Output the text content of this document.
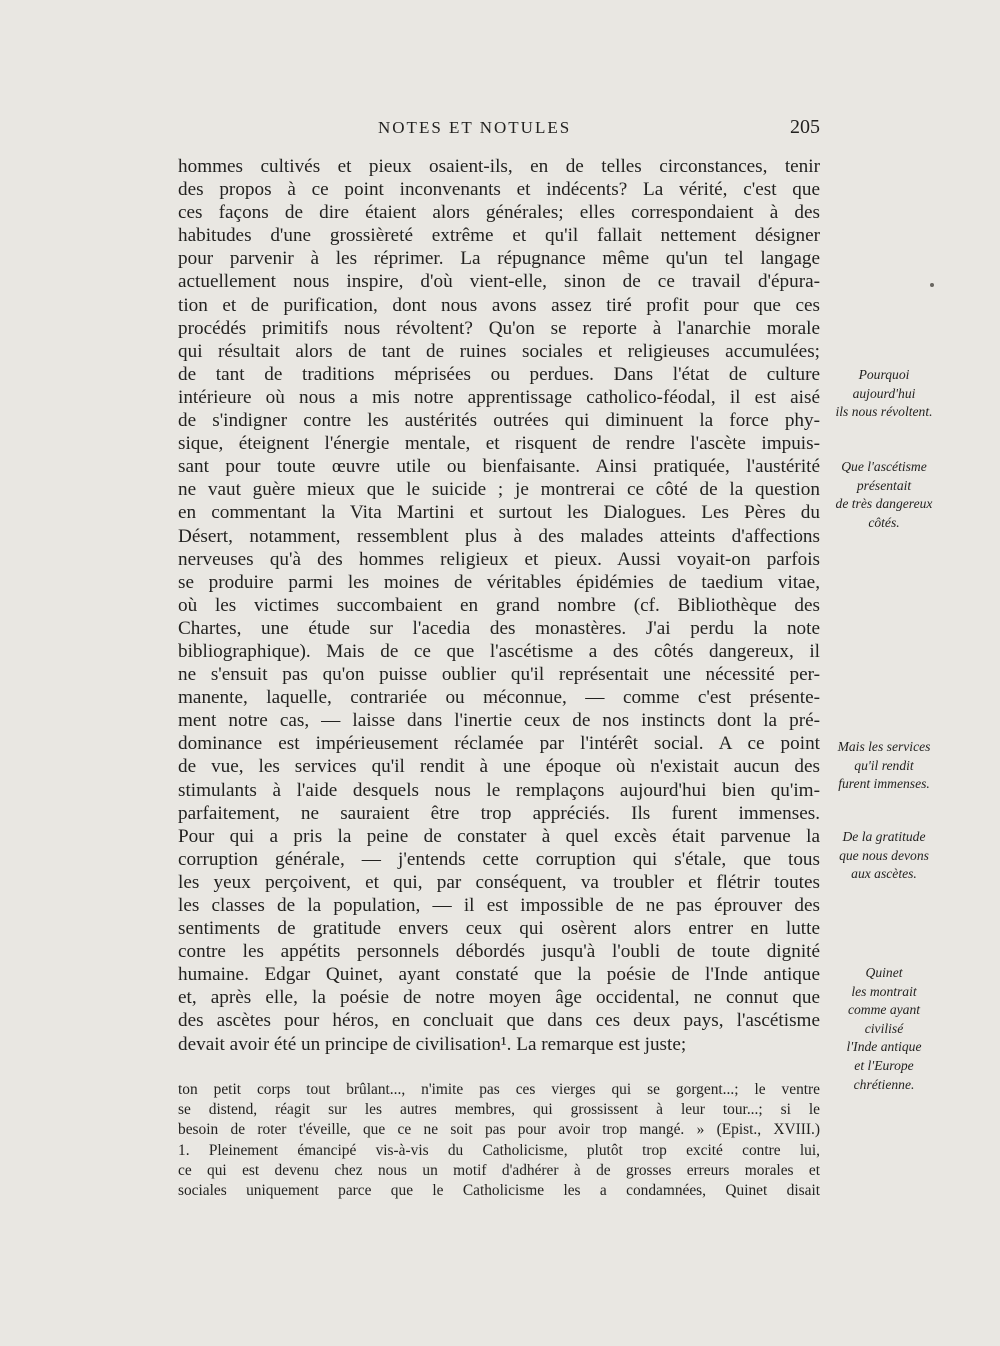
NOTES ET NOTULES	205
hommes cultivés et pieux osaient-ils, en de telles circonstances, tenir
des propos à ce point inconvenants et indécents? La vérité, c'est que
ces façons de dire étaient alors générales; elles correspondaient à des
habitudes d'une grossièreté extrême et qu'il fallait nettement désigner
pour parvenir à les réprimer. La répugnance même qu'un tel langage
actuellement nous inspire, d'où vient-elle, sinon de ce travail d'épura-
tion et de purification, dont nous avons assez tiré profit pour que ces
procédés primitifs nous révoltent? Qu'on se reporte à l'anarchie morale
qui résultait alors de tant de ruines sociales et religieuses accumulées;
de tant de traditions méprisées ou perdues. Dans l'état de culture
intérieure où nous a mis notre apprentissage catholico-féodal, il est aisé
de s'indigner contre les austérités outrées qui diminuent la force phy-
sique, éteignent l'énergie mentale, et risquent de rendre l'ascète impuis-
sant pour toute œuvre utile ou bienfaisante. Ainsi pratiquée, l'austérité
ne vaut guère mieux que le suicide ; je montrerai ce côté de la question
en commentant la Vita Martini et surtout les Dialogues. Les Pères du
Désert, notamment, ressemblent plus à des malades atteints d'affections
nerveuses qu'à des hommes religieux et pieux. Aussi voyait-on parfois
se produire parmi les moines de véritables épidémies de taedium vitae,
où les victimes succombaient en grand nombre (cf. Bibliothèque des
Chartes, une étude sur l'acedia des monastères. J'ai perdu la note
bibliographique). Mais de ce que l'ascétisme a des côtés dangereux, il
ne s'ensuit pas qu'on puisse oublier qu'il représentait une nécessité per-
manente, laquelle, contrariée ou méconnue, — comme c'est présente-
ment notre cas, — laisse dans l'inertie ceux de nos instincts dont la pré-
dominance est impérieusement réclamée par l'intérêt social. A ce point
de vue, les services qu'il rendit à une époque où n'existait aucun des
stimulants à l'aide desquels nous le remplaçons aujourd'hui bien qu'im-
parfaitement, ne sauraient être trop appréciés. Ils furent immenses.
Pour qui a pris la peine de constater à quel excès était parvenue la
corruption générale, — j'entends cette corruption qui s'étale, que tous
les yeux perçoivent, et qui, par conséquent, va troubler et flétrir toutes
les classes de la population, — il est impossible de ne pas éprouver des
sentiments de gratitude envers ceux qui osèrent alors entrer en lutte
contre les appétits personnels débordés jusqu'à l'oubli de toute dignité
humaine. Edgar Quinet, ayant constaté que la poésie de l'Inde antique
et, après elle, la poésie de notre moyen âge occidental, ne connut que
des ascètes pour héros, en concluait que dans ces deux pays, l'ascétisme
devait avoir été un principe de civilisation¹. La remarque est juste;
ton petit corps tout brûlant..., n'imite pas ces vierges qui se gorgent...; le ventre
se distend, réagit sur les autres membres, qui grossissent à leur tour...; si le
besoin de roter t'éveille, que ce ne soit pas pour avoir trop mangé. » (Epist., XVIII.)
1. Pleinement émancipé vis-à-vis du Catholicisme, plutôt trop excité contre lui,
ce qui est devenu chez nous un motif d'adhérer à de grosses erreurs morales et
sociales uniquement parce que le Catholicisme les a condamnées, Quinet disait
Pourquoi
aujourd'hui
ils nous révoltent.
Que l'ascétisme
présentait
de très dangereux
côtés.
Mais les services
qu'il rendit
furent immenses.
De la gratitude
que nous devons
aux ascètes.
Quinet
les montrait
comme ayant
civilisé
l'Inde antique
et l'Europe
chrétienne.
